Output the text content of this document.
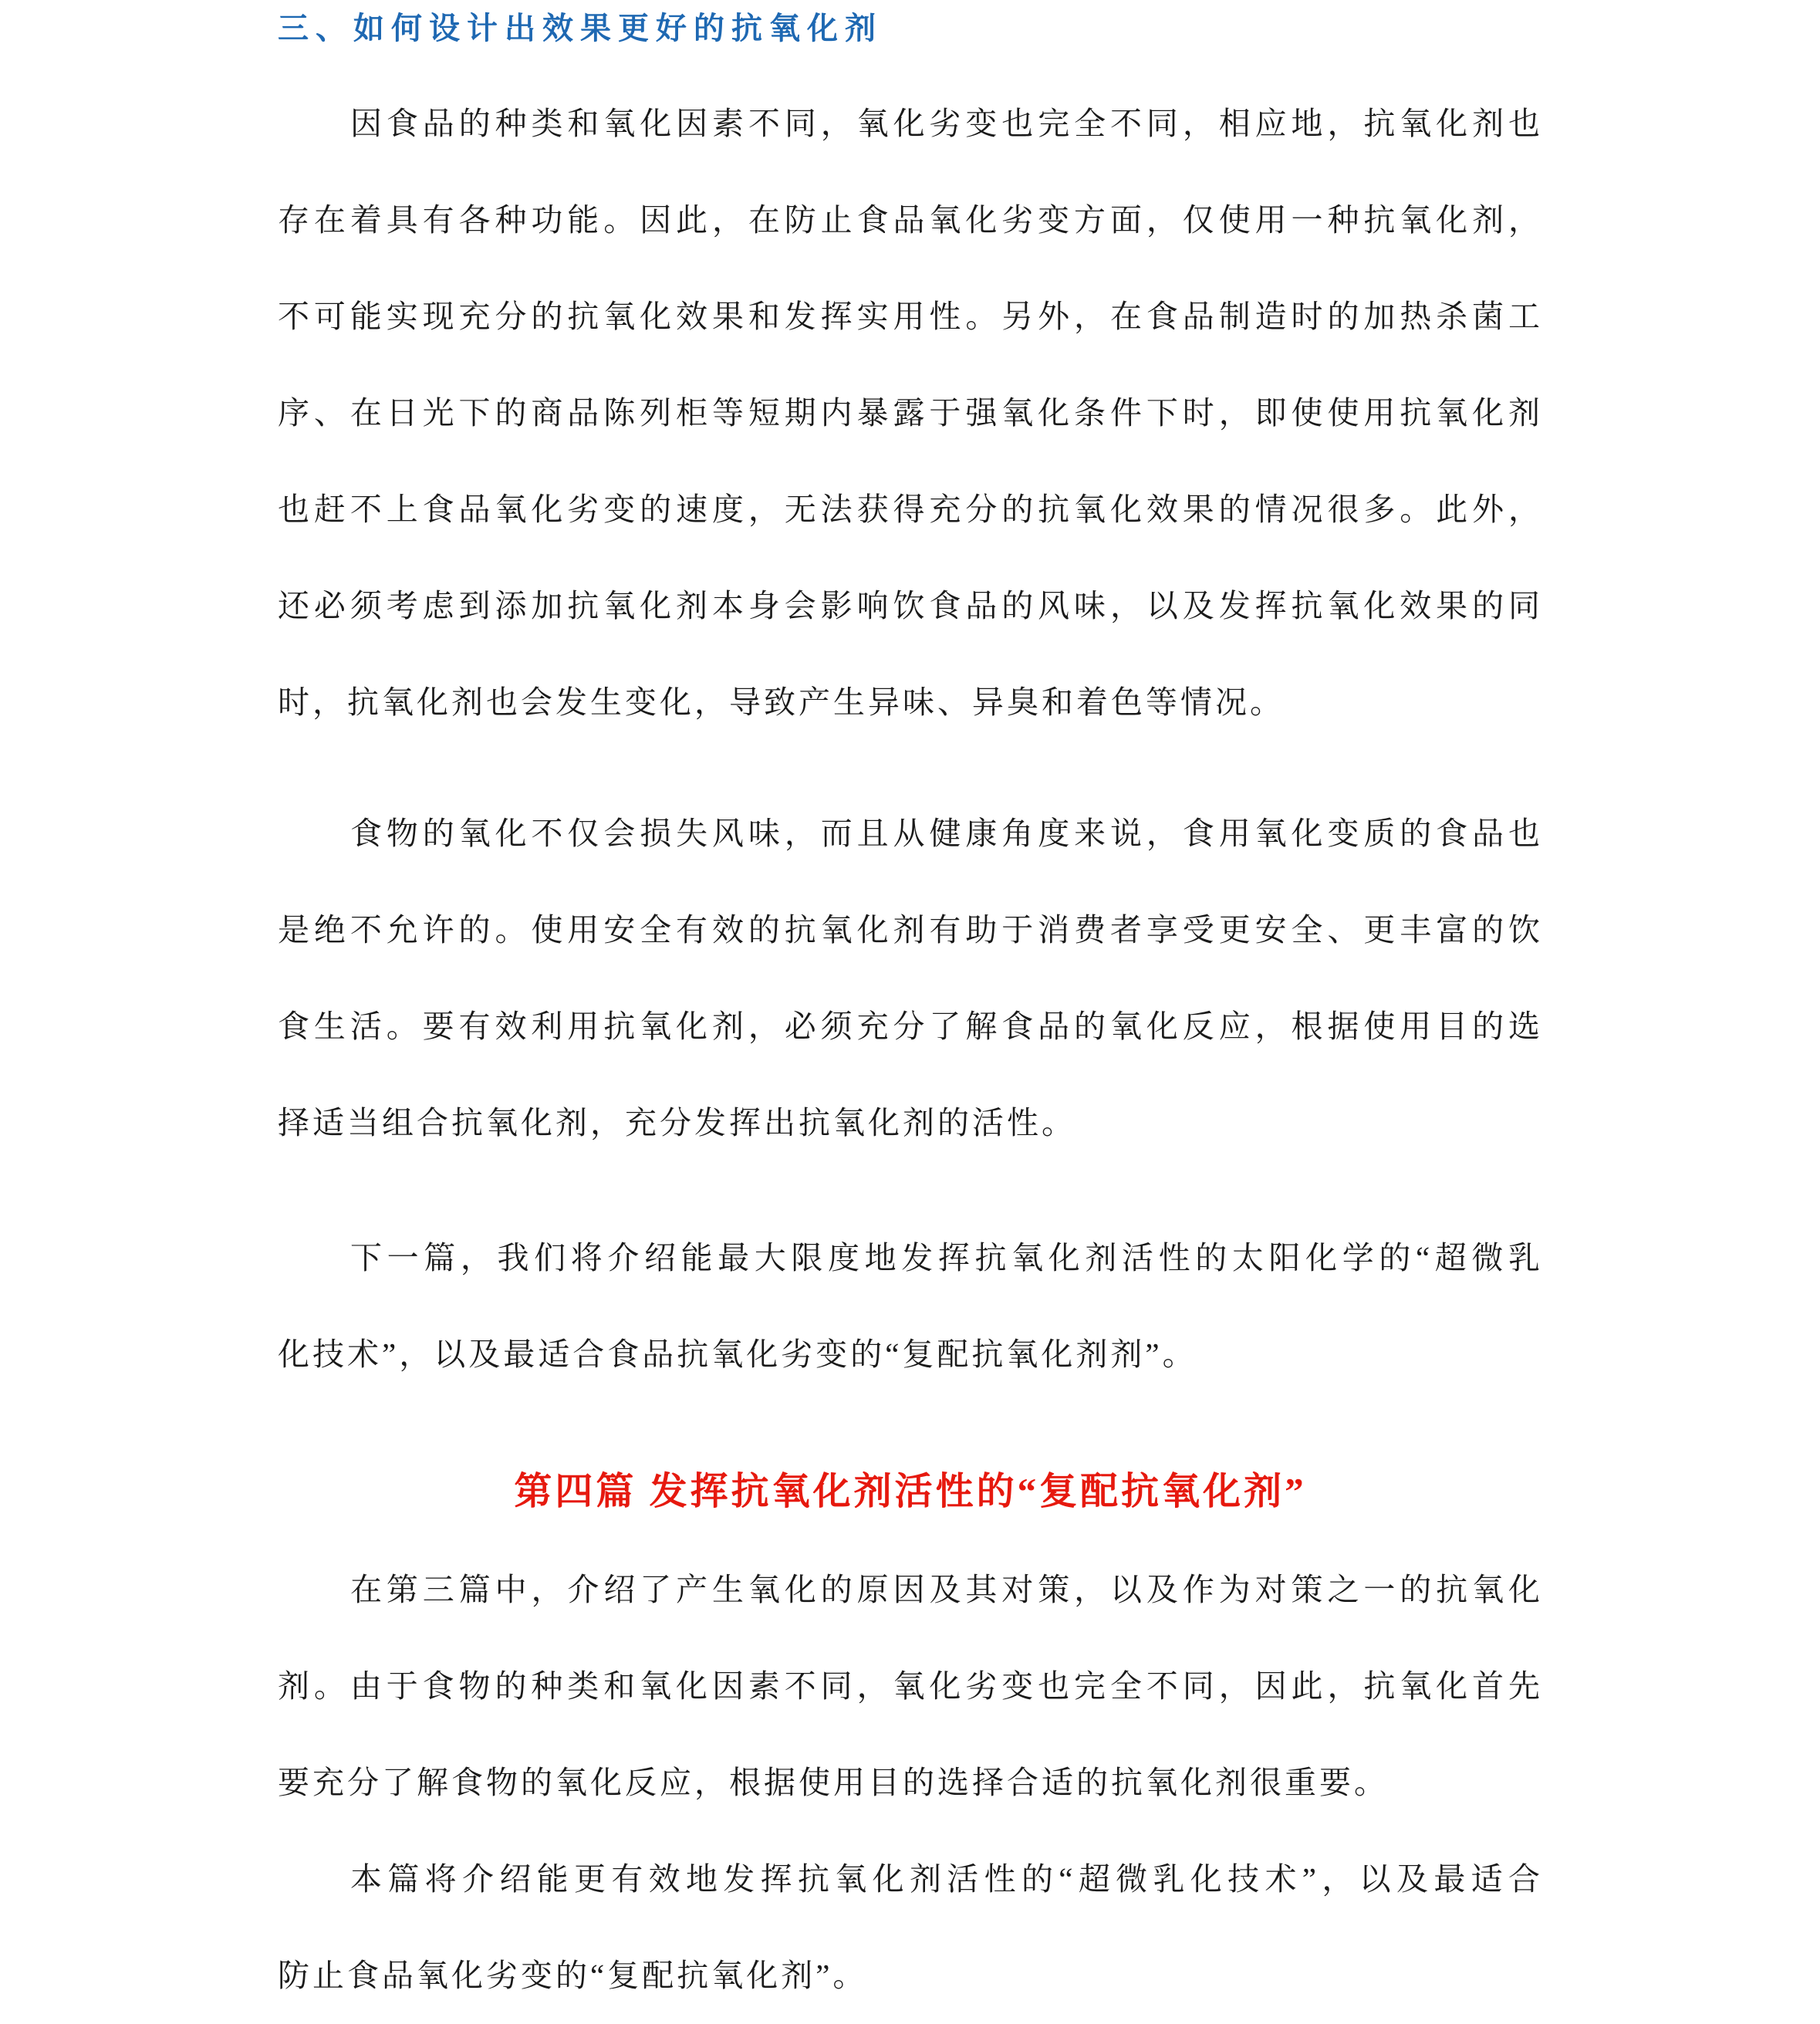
三、如何设计出效果更好的抗氧化剂
因食品的种类和氧化因素不同，氧化劣变也完全不同，相应地，抗氧化剂也
存在着具有各种功能。因此，在防止食品氧化劣变方面，仅使用一种抗氧化剂，
不可能实现充分的抗氧化效果和发挥实用性。另外，在食品制造时的加热杀菌工
序、在日光下的商品陈列柜等短期内暴露于强氧化条件下时，即使使用抗氧化剂
也赶不上食品氧化劣变的速度，无法获得充分的抗氧化效果的情况很多。此外，
还必须考虑到添加抗氧化剂本身会影响饮食品的风味，以及发挥抗氧化效果的同
时，抗氧化剂也会发生变化，导致产生异味、异臭和着色等情况。
食物的氧化不仅会损失风味，而且从健康角度来说，食用氧化变质的食品也
是绝不允许的。使用安全有效的抗氧化剂有助于消费者享受更安全、更丰富的饮
食生活。要有效利用抗氧化剂，必须充分了解食品的氧化反应，根据使用目的选
择适当组合抗氧化剂，充分发挥出抗氧化剂的活性。
下一篇，我们将介绍能最大限度地发挥抗氧化剂活性的太阳化学的“超微乳
化技术”，以及最适合食品抗氧化劣变的“复配抗氧化剂剂”。
第四篇 发挥抗氧化剂活性的“复配抗氧化剂”
在第三篇中，介绍了产生氧化的原因及其对策，以及作为对策之一的抗氧化
剂。由于食物的种类和氧化因素不同，氧化劣变也完全不同，因此，抗氧化首先
要充分了解食物的氧化反应，根据使用目的选择合适的抗氧化剂很重要。
本篇将介绍能更有效地发挥抗氧化剂活性的“超微乳化技术”，以及最适合
防止食品氧化劣变的“复配抗氧化剂”。
